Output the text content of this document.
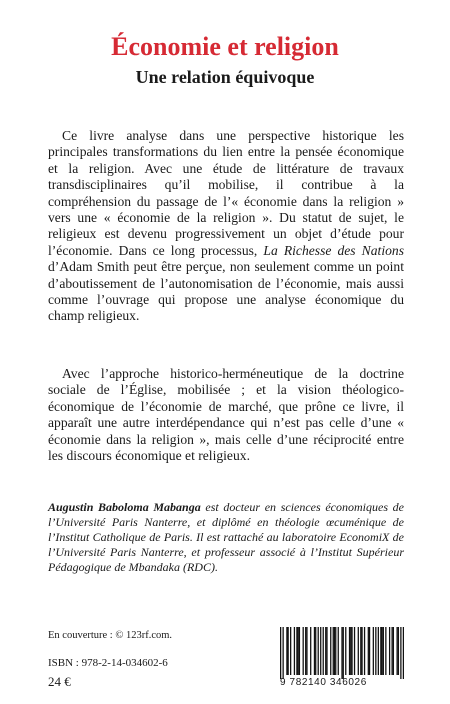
Économie et religion
Une relation équivoque

Ce livre analyse dans une perspective historique les principales transformations du lien entre la pensée économique et la religion. Avec une étude de littérature de travaux transdisciplinaires qu’il mobilise, il contribue à la compréhension du passage de l’« économie dans la religion » vers une « économie de la religion ». Du statut de sujet, le religieux est devenu progressivement un objet d’étude pour l’économie. Dans ce long processus, La Richesse des Nations d’Adam Smith peut être perçue, non seulement comme un point d’aboutissement de l’autonomisation de l’économie, mais aussi comme l’ouvrage qui propose une analyse économique du champ religieux.

Avec l’approche historico-herméneutique de la doctrine sociale de l’Église, mobilisée ; et la vision théologico-économique de l’économie de marché, que prône ce livre, il apparaît une autre interdépendance qui n’est pas celle d’une « économie dans la religion », mais celle d’une réciprocité entre les discours économique et religieux.

Augustin Baboloma Mabanga est docteur en sciences économiques de l’Université Paris Nanterre, et diplômé en théologie œcuménique de l’Institut Catholique de Paris. Il est rattaché au laboratoire EconomiX de l’Université Paris Nanterre, et professeur associé à l’Institut Supérieur Pédagogique de Mbandaka (RDC).

En couverture : © 123rf.com.
ISBN : 978-2-14-034602-6
24 €	9 782140 346026
